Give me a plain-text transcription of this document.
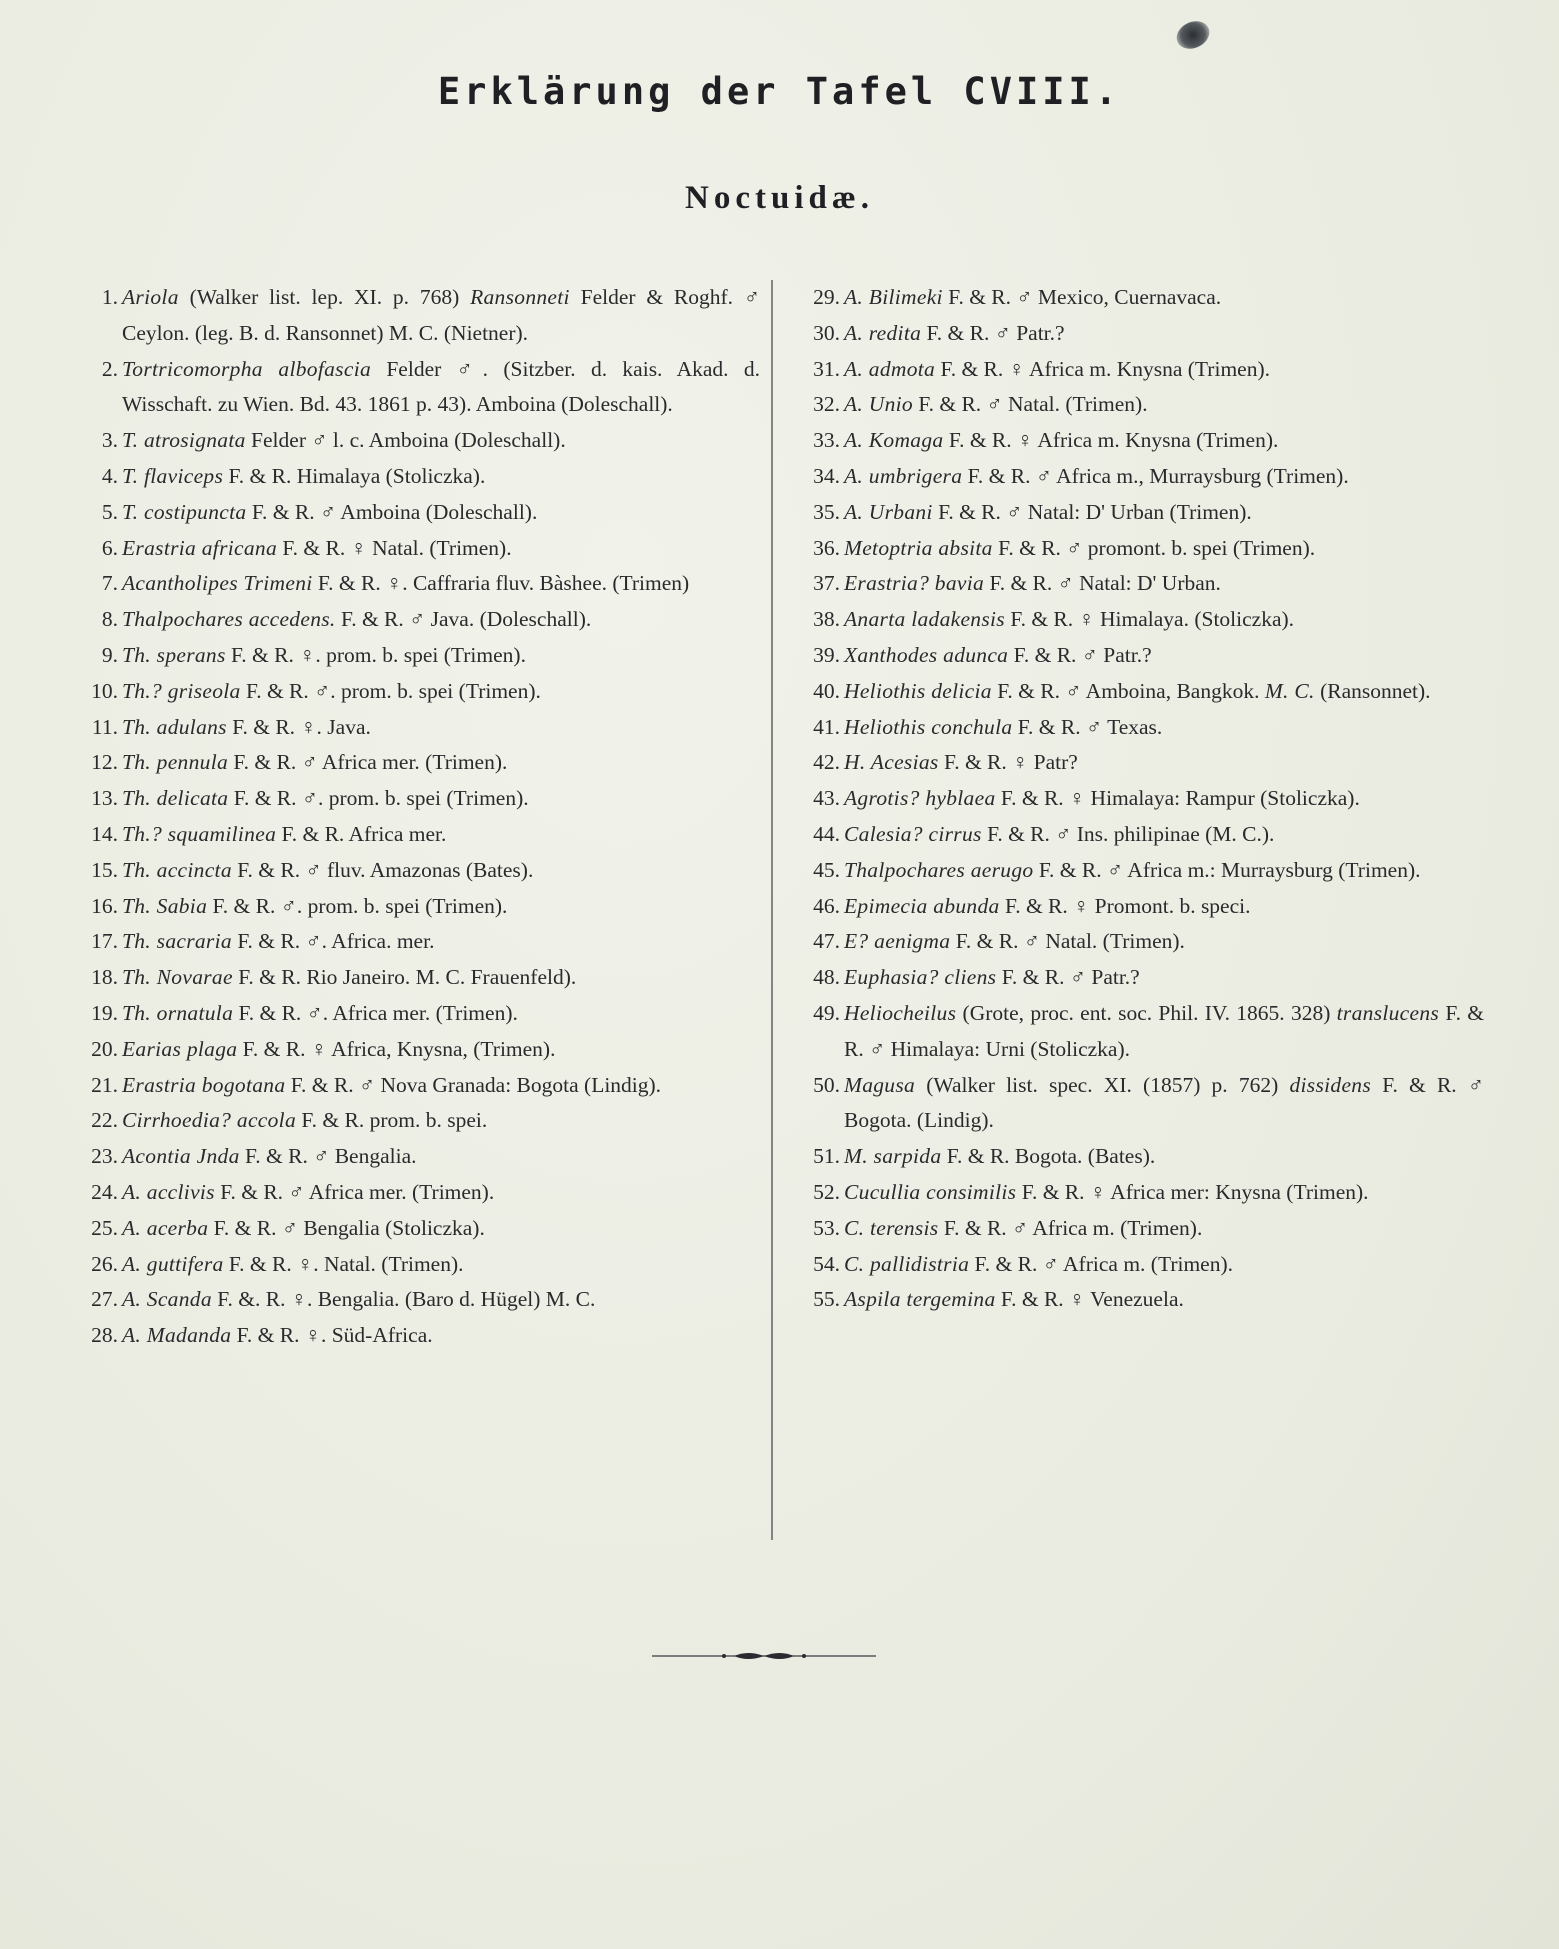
Erklärung der Tafel CVIII.
Noctuidæ.
1. Ariola (Walker list. lep. XI. p. 768) Ransonneti Felder & Roghf. ♂ Ceylon. (leg. B. d. Ransonnet) M. C. (Nietner).
2. Tortricomorpha albofascia Felder ♂. (Sitzber. d. kais. Akad. d. Wisschaft. zu Wien. Bd. 43. 1861 p. 43). Amboina (Doleschall).
3. T. atrosignata Felder ♂ l. c. Amboina (Doleschall).
4. T. flaviceps F. & R. Himalaya (Stoliczka).
5. T. costipuncta F. & R. ♂ Amboina (Doleschall).
6. Erastria africana F. & R. ♀ Natal. (Trimen).
7. Acantholipes Trimeni F. & R. ♀. Caffraria fluv. Bàshee. (Trimen)
8. Thalpochares accedens. F. & R. ♂ Java. (Doleschall).
9. Th. sperans F. & R. ♀. prom. b. spei (Trimen).
10. Th.? griseola F. & R. ♂. prom. b. spei (Trimen).
11. Th. adulans F. & R. ♀. Java.
12. Th. pennula F. & R. ♂ Africa mer. (Trimen).
13. Th. delicata F. & R. ♂. prom. b. spei (Trimen).
14. Th.? squamilinea F. & R. Africa mer.
15. Th. accincta F. & R. ♂ fluv. Amazonas (Bates).
16. Th. Sabia F. & R. ♂. prom. b. spei (Trimen).
17. Th. sacraria F. & R. ♂. Africa. mer.
18. Th. Novarae F. & R. Rio Janeiro. M. C. Frauenfeld).
19. Th. ornatula F. & R. ♂. Africa mer. (Trimen).
20. Earias plaga F. & R. ♀ Africa, Knysna, (Trimen).
21. Erastria bogotana F. & R. ♂ Nova Granada: Bogota (Lindig).
22. Cirrhoedia? accola F. & R. prom. b. spei.
23. Acontia Jnda F. & R. ♂ Bengalia.
24. A. acclivis F. & R. ♂ Africa mer. (Trimen).
25. A. acerba F. & R. ♂ Bengalia (Stoliczka).
26. A. guttifera F. & R. ♀. Natal. (Trimen).
27. A. Scanda F. &. R. ♀. Bengalia. (Baro d. Hügel) M. C.
28. A. Madanda F. & R. ♀. Süd-Africa.
29. A. Bilimeki F. & R. ♂ Mexico, Cuernavaca.
30. A. redita F. & R. ♂ Patr.?
31. A. admota F. & R. ♀ Africa m. Knysna (Trimen).
32. A. Unio F. & R. ♂ Natal. (Trimen).
33. A. Komaga F. & R. ♀ Africa m. Knysna (Trimen).
34. A. umbrigera F. & R. ♂ Africa m., Murraysburg (Trimen).
35. A. Urbani F. & R. ♂ Natal: D' Urban (Trimen).
36. Metoptria absita F. & R. ♂ promont. b. spei (Trimen).
37. Erastria? bavia F. & R. ♂ Natal: D' Urban.
38. Anarta ladakensis F. & R. ♀ Himalaya. (Stoliczka).
39. Xanthodes adunca F. & R. ♂ Patr.?
40. Heliothis delicia F. & R. ♂ Amboina, Bangkok. M. C. (Ransonnet).
41. Heliothis conchula F. & R. ♂ Texas.
42. H. Acesias F. & R. ♀ Patr?
43. Agrotis? hyblaea F. & R. ♀ Himalaya: Rampur (Stoliczka).
44. Calesia? cirrus F. & R. ♂ Ins. philipinae (M. C.).
45. Thalpochares aerugo F. & R. ♂ Africa m.: Murraysburg (Trimen).
46. Epimecia abunda F. & R. ♀ Promont. b. speci.
47. E? aenigma F. & R. ♂ Natal. (Trimen).
48. Euphasia? cliens F. & R. ♂ Patr.?
49. Heliocheilus (Grote, proc. ent. soc. Phil. IV. 1865. 328) translucens F. & R. ♂ Himalaya: Urni (Stoliczka).
50. Magusa (Walker list. spec. XI. (1857) p. 762) dissidens F. & R. ♂ Bogota. (Lindig).
51. M. sarpida F. & R. Bogota. (Bates).
52. Cucullia consimilis F. & R. ♀ Africa mer: Knysna (Trimen).
53. C. terensis F. & R. ♂ Africa m. (Trimen).
54. C. pallidistria F. & R. ♂ Africa m. (Trimen).
55. Aspila tergemina F. & R. ♀ Venezuela.
